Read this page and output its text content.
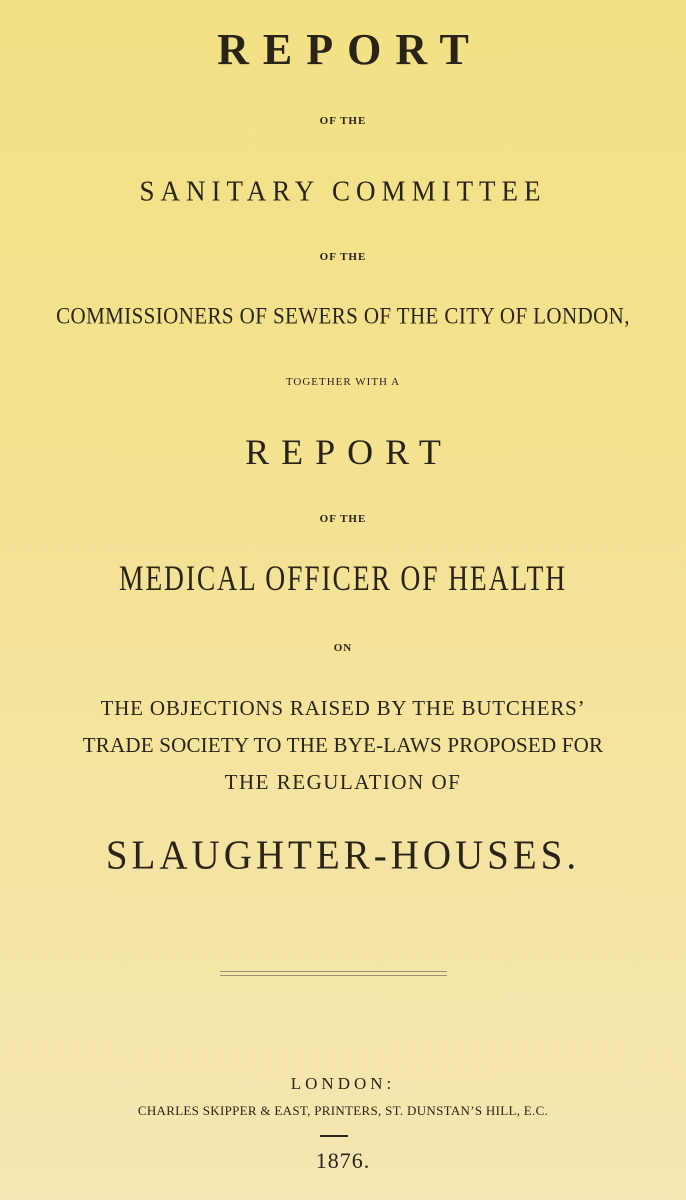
REPORT
OF THE
SANITARY COMMITTEE
OF THE
COMMISSIONERS OF SEWERS OF THE CITY OF LONDON,
TOGETHER WITH A
REPORT
OF THE
MEDICAL OFFICER OF HEALTH
ON
THE OBJECTIONS RAISED BY THE BUTCHERS’
TRADE SOCIETY TO THE BYE-LAWS PROPOSED FOR
THE REGULATION OF
SLAUGHTER-HOUSES.
LONDON:
CHARLES SKIPPER & EAST, PRINTERS, ST. DUNSTAN’S HILL, E.C.
1876.
